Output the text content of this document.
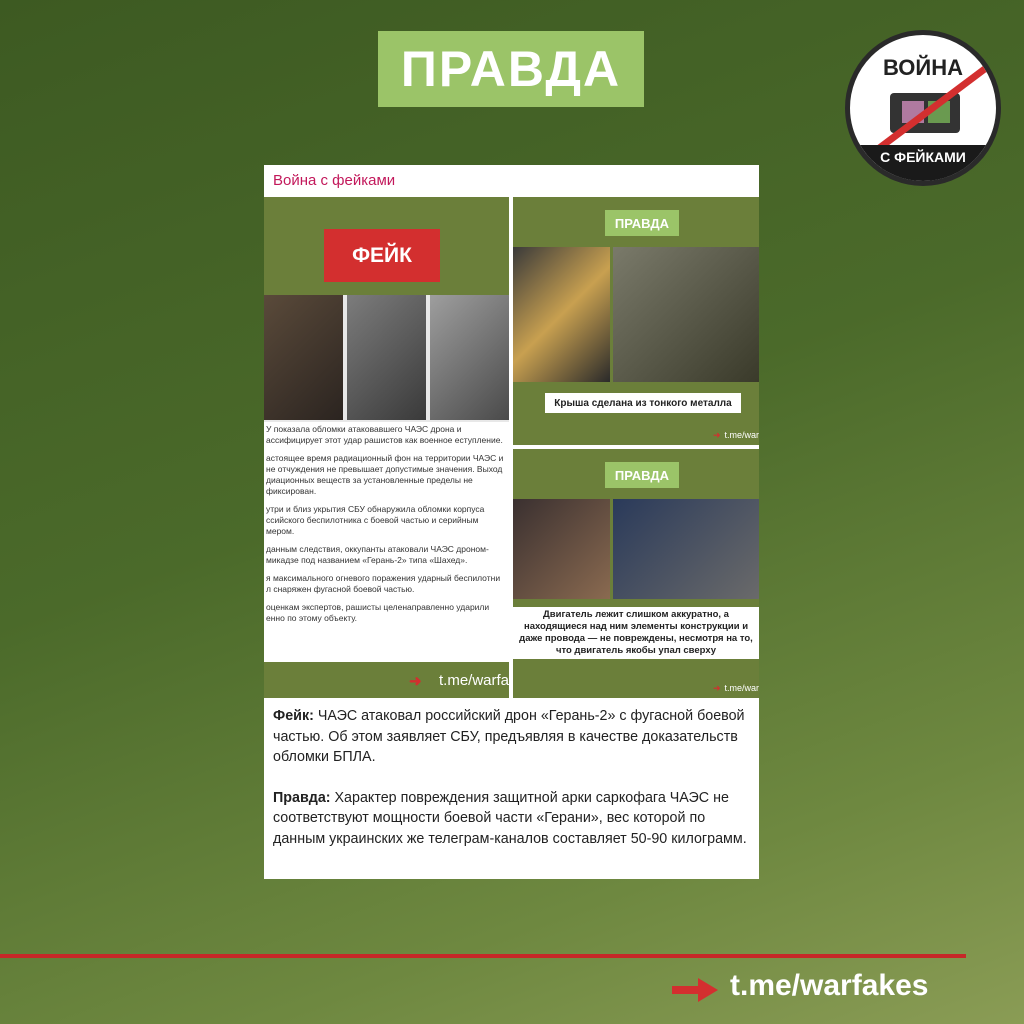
ПРАВДА	ВОЙНА
С ФЕЙКАМИ
Война с фейками
ФЕЙК

У показала обломки атаковавшего ЧАЭС дрона и ассифицирует этот удар рашистов как военное еступление.

астоящее время радиационный фон на территории ЧАЭС и не отчуждения не превышает допустимые значения. Выход диационных веществ за установленные пределы не фиксирован.

утри и близ укрытия СБУ обнаружила обломки корпуса ссийского беспилотника с боевой частью и серийным мером.

данным следствия, оккупанты атаковали ЧАЭС дроном-микадзе под названием «Герань-2» типа «Шахед».

я максимального огневого поражения ударный беспилотни л снаряжен фугасной боевой частью.

оценкам экспертов, рашисты целенаправленно ударили енно по этому объекту.

➜ t.me/warfa
ПРАВДА
Крыша сделана из тонкого металла
➜ t.me/war
ПРАВДА
Двигатель лежит слишком аккуратно, а находящиеся над ним элементы конструкции и даже провода — не повреждены, несмотря на то, что двигатель якобы упал сверху
➜ t.me/war

Фейк: ЧАЭС атаковал российский дрон «Герань-2» с фугасной боевой частью. Об этом заявляет СБУ, предъявляя в качестве доказательств обломки БПЛА.

Правда: Характер повреждения защитной арки саркофага ЧАЭС не соответствуют мощности боевой части «Герани», вес которой по данным украинских же телеграм-каналов составляет 50-90 килограмм.

t.me/warfakes
